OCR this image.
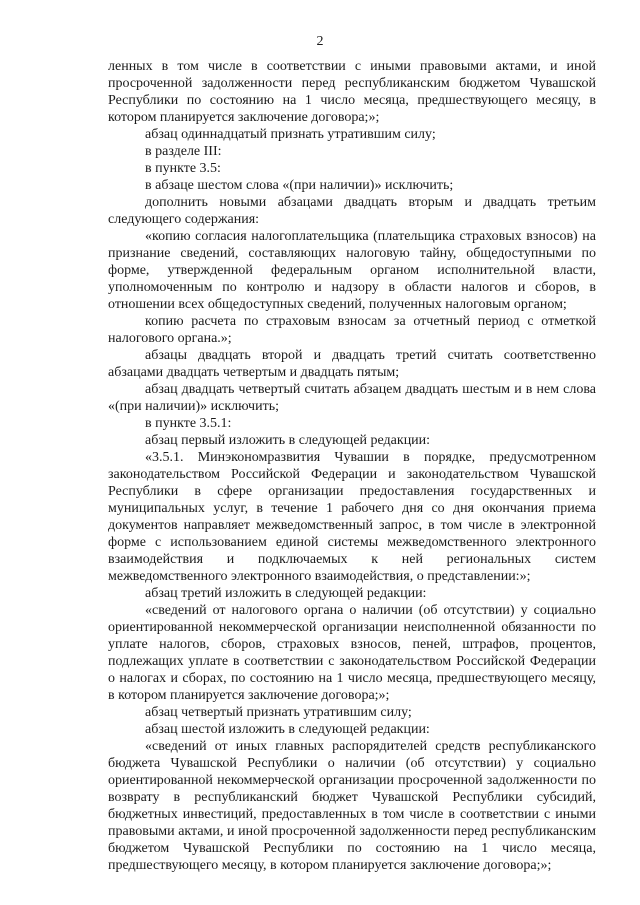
2

ленных в том числе в соответствии с иными правовыми актами, и иной просроченной задолженности перед республиканским бюджетом Чувашской Республики по состоянию на 1 число месяца, предшествующего месяцу, в котором планируется заключение договора;»;

абзац одиннадцатый признать утратившим силу;

в разделе III:

в пункте 3.5:

в абзаце шестом слова «(при наличии)» исключить;

дополнить новыми абзацами двадцать вторым и двадцать третьим следующего содержания:

«копию согласия налогоплательщика (плательщика страховых взносов) на признание сведений, составляющих налоговую тайну, общедоступными по форме, утвержденной федеральным органом исполнительной власти, уполномоченным по контролю и надзору в области налогов и сборов, в отношении всех общедоступных сведений, полученных налоговым органом;

копию расчета по страховым взносам за отчетный период с отметкой налогового органа.»;

абзацы двадцать второй и двадцать третий считать соответственно абзацами двадцать четвертым и двадцать пятым;

абзац двадцать четвертый считать абзацем двадцать шестым и в нем слова «(при наличии)» исключить;

в пункте 3.5.1:

абзац первый изложить в следующей редакции:

«3.5.1. Минэкономразвития Чувашии в порядке, предусмотренном законодательством Российской Федерации и законодательством Чувашской Республики в сфере организации предоставления государственных и муниципальных услуг, в течение 1 рабочего дня со дня окончания приема документов направляет межведомственный запрос, в том числе в электронной форме с использованием единой системы межведомственного электронного взаимодействия и подключаемых к ней региональных систем межведомственного электронного взаимодействия, о представлении:»;

абзац третий изложить в следующей редакции:

«сведений от налогового органа о наличии (об отсутствии) у социально ориентированной некоммерческой организации неисполненной обязанности по уплате налогов, сборов, страховых взносов, пеней, штрафов, процентов, подлежащих уплате в соответствии с законодательством Российской Федерации о налогах и сборах, по состоянию на 1 число месяца, предшествующего месяцу, в котором планируется заключение договора;»;

абзац четвертый признать утратившим силу;

абзац шестой изложить в следующей редакции:

«сведений от иных главных распорядителей средств республиканского бюджета Чувашской Республики о наличии (об отсутствии) у социально ориентированной некоммерческой организации просроченной задолженности по возврату в республиканский бюджет Чувашской Республики субсидий, бюджетных инвестиций, предоставленных в том числе в соответствии с иными правовыми актами, и иной просроченной задолженности перед республиканским бюджетом Чувашской Республики по состоянию на 1 число месяца, предшествующего месяцу, в котором планируется заключение договора;»;
